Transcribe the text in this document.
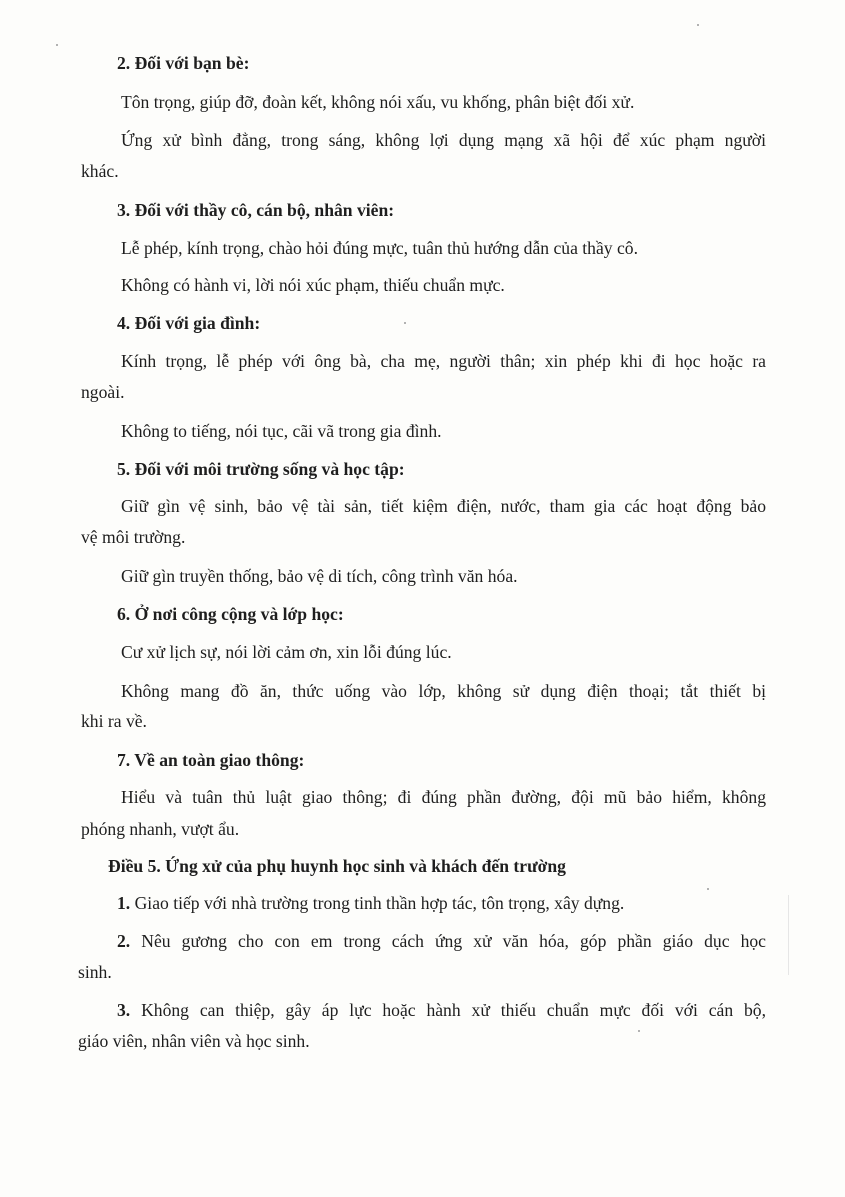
2. Đối với bạn bè:
Tôn trọng, giúp đỡ, đoàn kết, không nói xấu, vu khống, phân biệt đối xử.
Ứng xử bình đẳng, trong sáng, không lợi dụng mạng xã hội để xúc phạm người
khác.
3. Đối với thầy cô, cán bộ, nhân viên:
Lễ phép, kính trọng, chào hỏi đúng mực, tuân thủ hướng dẫn của thầy cô.
Không có hành vi, lời nói xúc phạm, thiếu chuẩn mực.
4. Đối với gia đình:
Kính trọng, lễ phép với ông bà, cha mẹ, người thân; xin phép khi đi học hoặc ra
ngoài.
Không to tiếng, nói tục, cãi vã trong gia đình.
5. Đối với môi trường sống và học tập:
Giữ gìn vệ sinh, bảo vệ tài sản, tiết kiệm điện, nước, tham gia các hoạt động bảo
vệ môi trường.
Giữ gìn truyền thống, bảo vệ di tích, công trình văn hóa.
6. Ở nơi công cộng và lớp học:
Cư xử lịch sự, nói lời cảm ơn, xin lỗi đúng lúc.
Không mang đồ ăn, thức uống vào lớp, không sử dụng điện thoại; tắt thiết bị
khi ra về.
7. Về an toàn giao thông:
Hiểu và tuân thủ luật giao thông; đi đúng phần đường, đội mũ bảo hiểm, không
phóng nhanh, vượt ẩu.
Điều 5. Ứng xử của phụ huynh học sinh và khách đến trường
1. Giao tiếp với nhà trường trong tinh thần hợp tác, tôn trọng, xây dựng.
2. Nêu gương cho con em trong cách ứng xử văn hóa, góp phần giáo dục học
sinh.
3. Không can thiệp, gây áp lực hoặc hành xử thiếu chuẩn mực đối với cán bộ,
giáo viên, nhân viên và học sinh.
